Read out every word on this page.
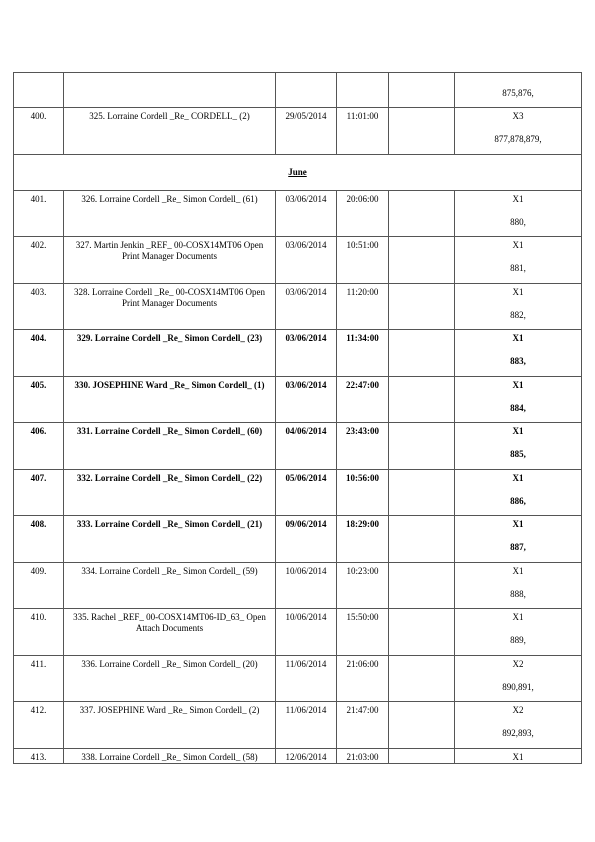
					875,876,

400.	325. Lorraine Cordell _Re_ CORDELL_ (2)	29/05/2014	11:01:00		X3
877,878,879,

June					
401.	326. Lorraine Cordell _Re_ Simon Cordell_ (61)	03/06/2014	20:06:00		X1
880,

402.	327. Martin Jenkin _REF_ 00-COSX14MT06 Open Print Manager Documents	03/06/2014	10:51:00		X1
881,

403.	328. Lorraine Cordell _Re_ 00-COSX14MT06 Open Print Manager Documents	03/06/2014	11:20:00		X1
882,

404.	329. Lorraine Cordell _Re_ Simon Cordell_ (23)	03/06/2014	11:34:00		X1
883,

405.	330. JOSEPHINE Ward _Re_ Simon Cordell_ (1)	03/06/2014	22:47:00		X1
884,

406.	331. Lorraine Cordell _Re_ Simon Cordell_ (60)	04/06/2014	23:43:00		X1
885,

407.	332. Lorraine Cordell _Re_ Simon Cordell_ (22)	05/06/2014	10:56:00		X1
886,

408.	333. Lorraine Cordell _Re_ Simon Cordell_ (21)	09/06/2014	18:29:00		X1
887,

409.	334. Lorraine Cordell _Re_ Simon Cordell_ (59)	10/06/2014	10:23:00		X1
888,

410.	335. Rachel _REF_ 00-COSX14MT06-ID_63_ Open Attach Documents	10/06/2014	15:50:00		X1
889,

411.	336. Lorraine Cordell _Re_ Simon Cordell_ (20)	11/06/2014	21:06:00		X2
890,891,

412.	337. JOSEPHINE Ward _Re_ Simon Cordell_ (2)	11/06/2014	21:47:00		X2
892,893,

413.	338. Lorraine Cordell _Re_ Simon Cordell_ (58)	12/06/2014	21:03:00		X1
